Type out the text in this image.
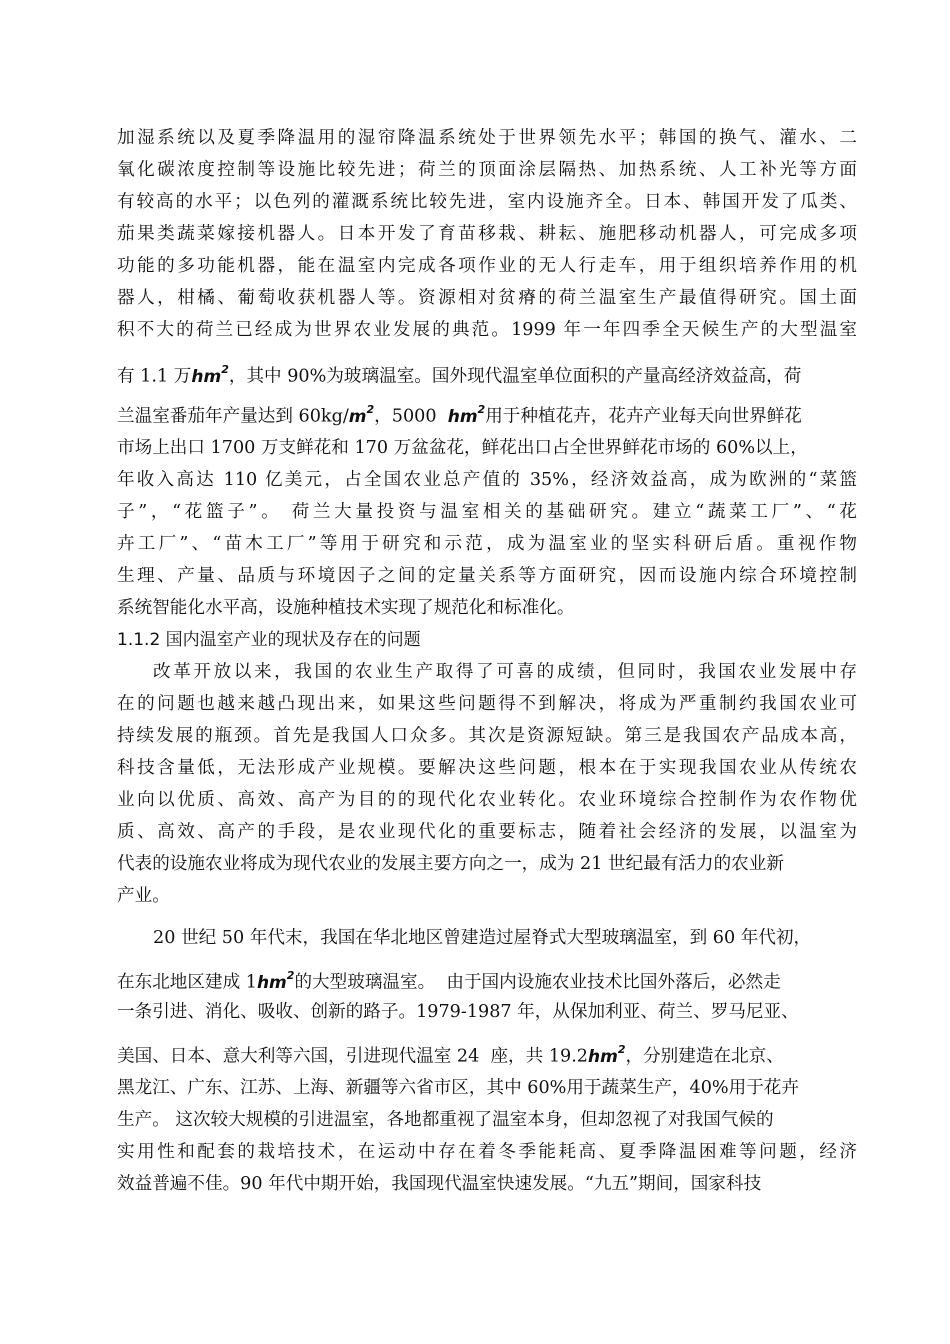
加湿系统以及夏季降温用的湿帘降温系统处于世界领先水平；韩国的换气、灌水、二
氧化碳浓度控制等设施比较先进；荷兰的顶面涂层隔热、加热系统、人工补光等方面
有较高的水平；以色列的灌溉系统比较先进，室内设施齐全。日本、韩国开发了瓜类、
茄果类蔬菜嫁接机器人。日本开发了育苗移栽、耕耘、施肥移动机器人，可完成多项
功能的多功能机器，能在温室内完成各项作业的无人行走车，用于组织培养作用的机
器人，柑橘、葡萄收获机器人等。资源相对贫瘠的荷兰温室生产最值得研究。国土面
积不大的荷兰已经成为世界农业发展的典范。1999 年一年四季全天候生产的大型温室
有 1.1 万$hm^2$，其中 90%为玻璃温室。国外现代温室单位面积的产量高经济效益高，荷
兰温室番茄年产量达到 $60kg/m^2$，5000  $hm^2$用于种植花卉，花卉产业每天向世界鲜花
市场上出口 1700 万支鲜花和 170 万盆盆花，鲜花出口占全世界鲜花市场的 60%以上，
年收入高达 110 亿美元，占全国农业总产值的 35%，经济效益高，成为欧洲的“菜篮
子”，“花篮子”。 荷兰大量投资与温室相关的基础研究。建立“蔬菜工厂”、“花
卉工厂”、“苗木工厂”等用于研究和示范，成为温室业的坚实科研后盾。重视作物
生理、产量、品质与环境因子之间的定量关系等方面研究，因而设施内综合环境控制
系统智能化水平高，设施种植技术实现了规范化和标准化。
1.1.2 国内温室产业的现状及存在的问题
改革开放以来，我国的农业生产取得了可喜的成绩，但同时，我国农业发展中存
在的问题也越来越凸现出来，如果这些问题得不到解决，将成为严重制约我国农业可
持续发展的瓶颈。首先是我国人口众多。其次是资源短缺。第三是我国农产品成本高，
科技含量低，无法形成产业规模。要解决这些问题，根本在于实现我国农业从传统农
业向以优质、高效、高产为目的的现代化农业转化。农业环境综合控制作为农作物优
质、高效、高产的手段，是农业现代化的重要标志，随着社会经济的发展，以温室为
代表的设施农业将成为现代农业的发展主要方向之一，成为 21 世纪最有活力的农业新
产业。
20 世纪 50 年代末，我国在华北地区曾建造过屋脊式大型玻璃温室，到 60 年代初，
在东北地区建成 $1hm^2$的大型玻璃温室。  由于国内设施农业技术比国外落后，必然走
一条引进、消化、吸收、创新的路子。1979-1987 年，从保加利亚、荷兰、罗马尼亚、
美国、日本、意大利等六国，引进现代温室 24  座，共 $19.2hm^2$，分别建造在北京、
黑龙江、广东、江苏、上海、新疆等六省市区，其中 60%用于蔬菜生产，40%用于花卉
生产。 这次较大规模的引进温室，各地都重视了温室本身，但却忽视了对我国气候的
实用性和配套的栽培技术，在运动中存在着冬季能耗高、夏季降温困难等问题，经济
效益普遍不佳。90 年代中期开始，我国现代温室快速发展。“九五”期间，国家科技
